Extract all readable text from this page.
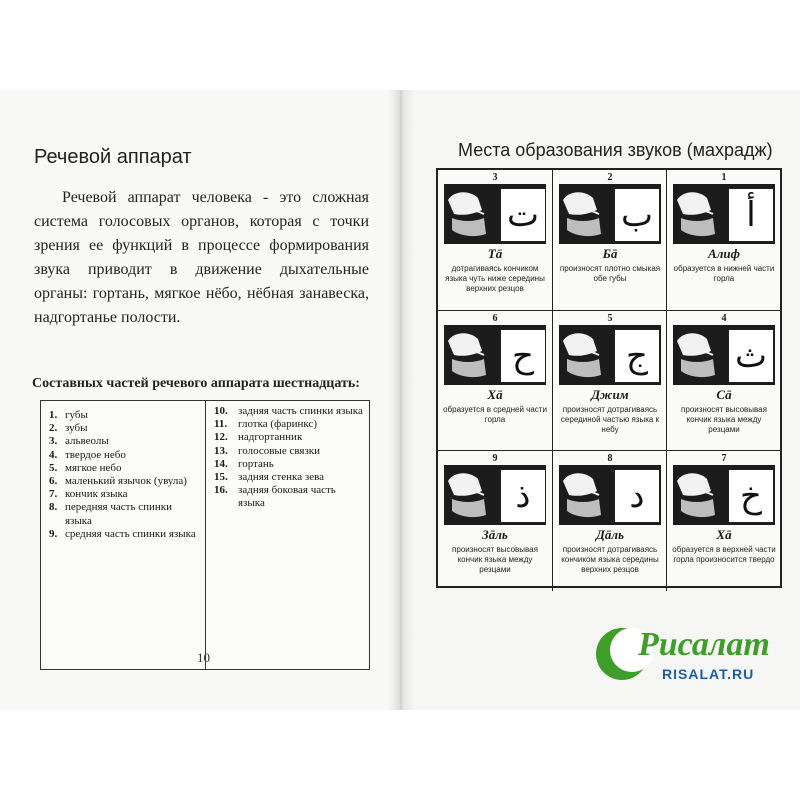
Речевой аппарат
Речевой аппарат человека - это сложная система голосовых органов, которая с точки зрения ее функций в процессе формирования звука приводит в движение дыхательные органы: гортань, мягкое нёбо, нёбная занавеска, надгортанье полости.
Составных частей речевого аппарата шестнадцать:
1. губы
2. зубы
3. альвеолы
4. твердое небо
5. мягкое небо
6. маленький язычок (увула)
7. кончик языка
8. передняя часть спинки языка
9. средняя часть спинки языка
10. задняя часть спинки языка
11. глотка (фаринкс)
12. надгортанник
13. голосовые связки
14. гортань
15. задняя стенка зева
16. задняя боковая часть языка
10
Места образования звуков (махрадж)
3
ت
Тā
дотрагиваясь кончиком языка чуть ниже середины верхних резцов
2
ب
Бā
произносят плотно смыкая обе губы
1
أ
Алиф
образуется в нижней части горла
6
ح
Хā
образуется в средней части горла
5
ج
Джим
произносят дотрагиваясь серединой частью языка к небу
4
ث
Сā
произносят высовывая кончик языка между резцами
9
ذ
Зāль
произносят высовывая кончик языка между резцами
8
د
Дāль
произносят дотрагиваясь кончиком языка середины верхних резцов
7
خ
Хā
образуется в верхней части горла произносится твердо
Рисалат
RISALAT.RU
